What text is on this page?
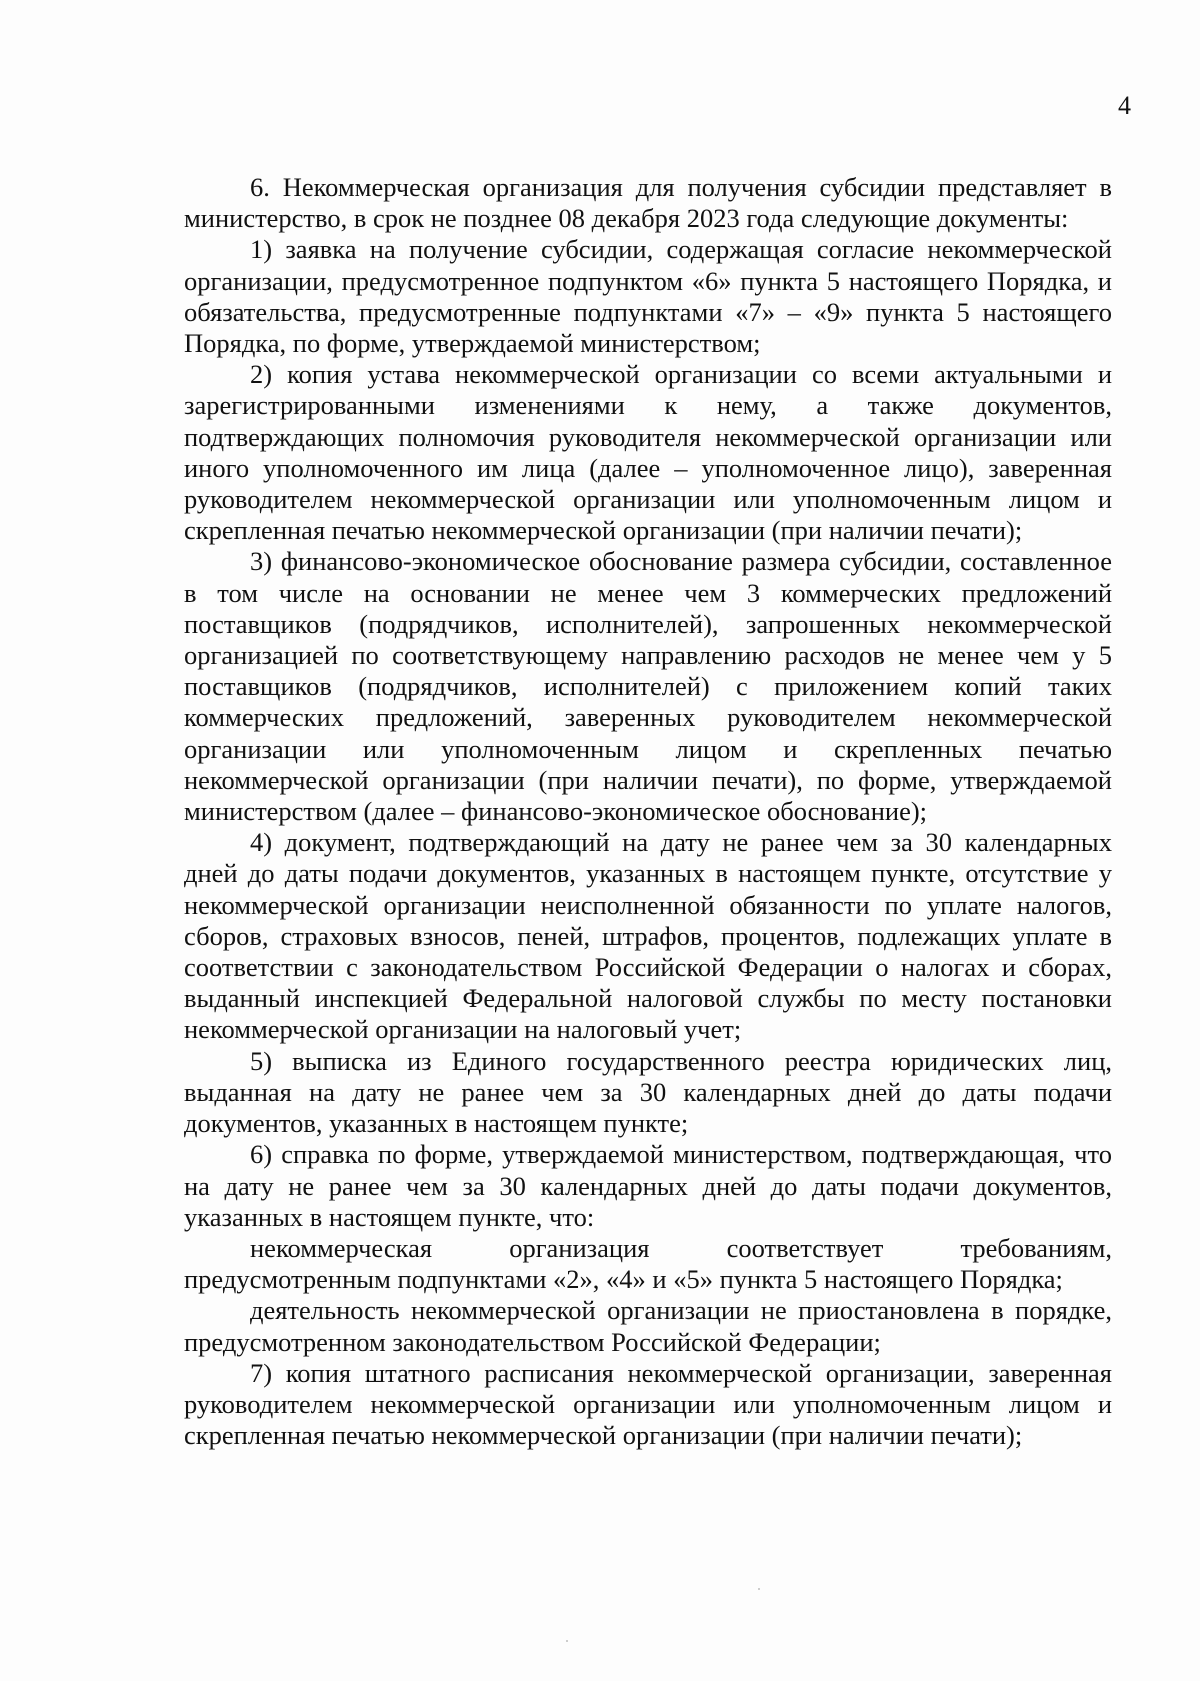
4

6. Некоммерческая организация для получения субсидии представляет в министерство, в срок не позднее 08 декабря 2023 года следующие документы:

1) заявка на получение субсидии, содержащая согласие некоммерческой организации, предусмотренное подпунктом «6» пункта 5 настоящего Порядка, и обязательства, предусмотренные подпунктами «7» – «9» пункта 5 настоящего Порядка, по форме, утверждаемой министерством;

2) копия устава некоммерческой организации со всеми актуальными и зарегистрированными изменениями к нему, а также документов, подтверждающих полномочия руководителя некоммерческой организации или иного уполномоченного им лица (далее – уполномоченное лицо), заверенная руководителем некоммерческой организации или уполномоченным лицом и скрепленная печатью некоммерческой организации (при наличии печати);

3) финансово-экономическое обоснование размера субсидии, составленное в том числе на основании не менее чем 3 коммерческих предложений поставщиков (подрядчиков, исполнителей), запрошенных некоммерческой организацией по соответствующему направлению расходов не менее чем у 5 поставщиков (подрядчиков, исполнителей) с приложением копий таких коммерческих предложений, заверенных руководителем некоммерческой организации или уполномоченным лицом и скрепленных печатью некоммерческой организации (при наличии печати), по форме, утверждаемой министерством (далее – финансово-экономическое обоснование);

4) документ, подтверждающий на дату не ранее чем за 30 календарных дней до даты подачи документов, указанных в настоящем пункте, отсутствие у некоммерческой организации неисполненной обязанности по уплате налогов, сборов, страховых взносов, пеней, штрафов, процентов, подлежащих уплате в соответствии с законодательством Российской Федерации о налогах и сборах, выданный инспекцией Федеральной налоговой службы по месту постановки некоммерческой организации на налоговый учет;

5) выписка из Единого государственного реестра юридических лиц, выданная на дату не ранее чем за 30 календарных дней до даты подачи документов, указанных в настоящем пункте;

6) справка по форме, утверждаемой министерством, подтверждающая, что на дату не ранее чем за 30 календарных дней до даты подачи документов, указанных в настоящем пункте, что:

некоммерческая организация соответствует требованиям, предусмотренным подпунктами «2», «4» и «5» пункта 5 настоящего Порядка;

деятельность некоммерческой организации не приостановлена в порядке, предусмотренном законодательством Российской Федерации;

7) копия штатного расписания некоммерческой организации, заверенная руководителем некоммерческой организации или уполномоченным лицом и скрепленная печатью некоммерческой организации (при наличии печати);
